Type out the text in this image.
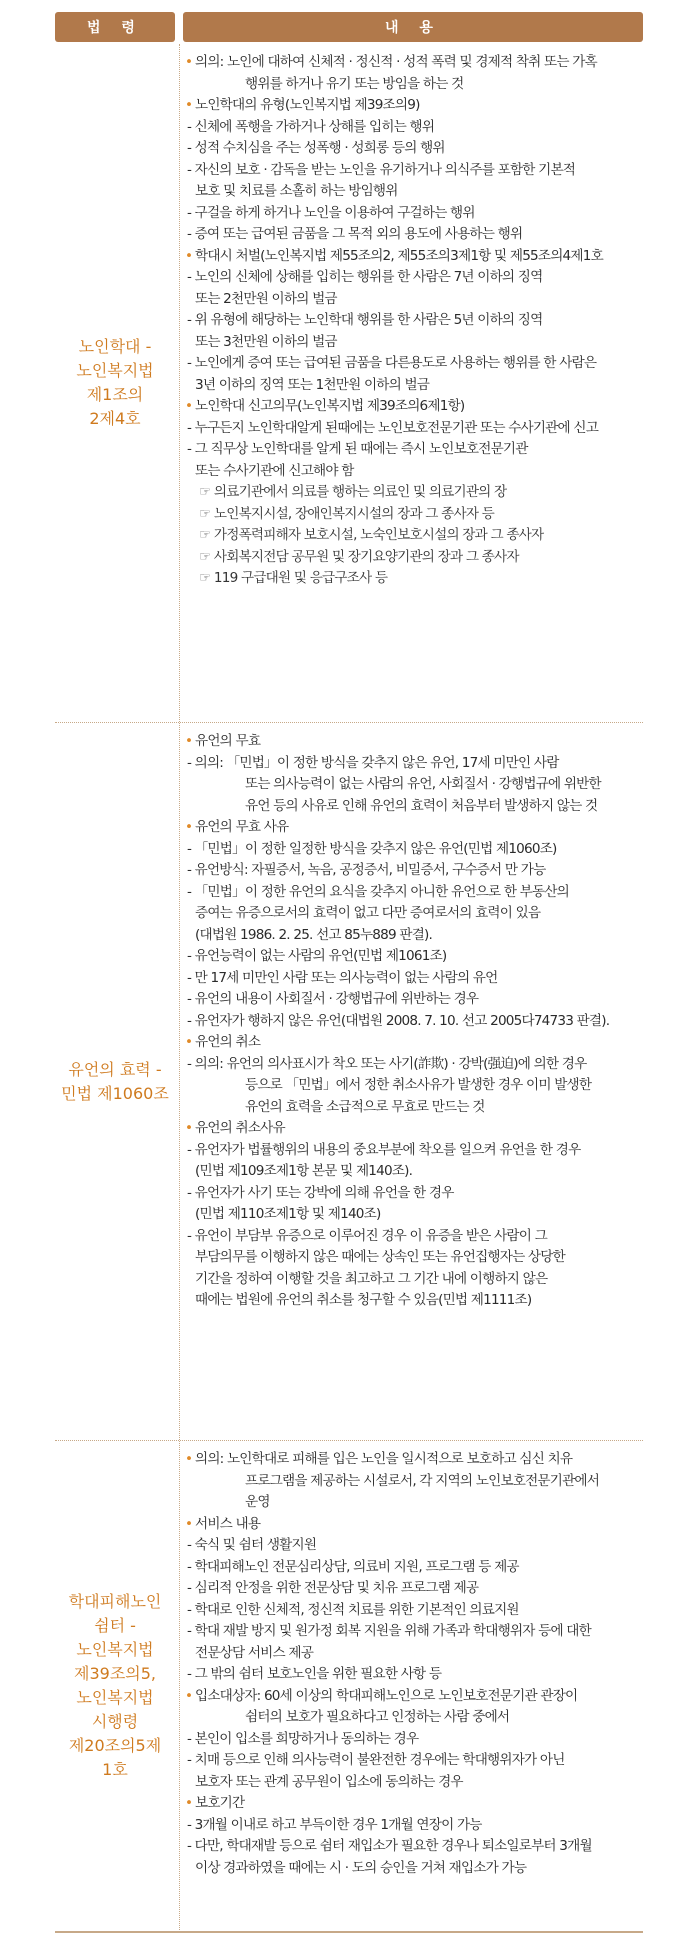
법 령	내 용
노인학대 -
노인복지법
제1조의
2제4호
• 의의: 노인에 대하여 신체적 · 정신적 · 성적 폭력 및 경제적 착취 또는 가혹
행위를 하거나 유기 또는 방임을 하는 것
• 노인학대의 유형(노인복지법 제39조의9)
- 신체에 폭행을 가하거나 상해를 입히는 행위
- 성적 수치심을 주는 성폭행 · 성희롱 등의 행위
- 자신의 보호 · 감독을 받는 노인을 유기하거나 의식주를 포함한 기본적
보호 및 치료를 소홀히 하는 방임행위
- 구걸을 하게 하거나 노인을 이용하여 구걸하는 행위
- 증여 또는 급여된 금품을 그 목적 외의 용도에 사용하는 행위
• 학대시 처벌(노인복지법 제55조의2, 제55조의3제1항 및 제55조의4제1호
- 노인의 신체에 상해를 입히는 행위를 한 사람은 7년 이하의 징역
또는 2천만원 이하의 벌금
- 위 유형에 해당하는 노인학대 행위를 한 사람은 5년 이하의 징역
또는 3천만원 이하의 벌금
- 노인에게 증여 또는 급여된 금품을 다른용도로 사용하는 행위를 한 사람은
3년 이하의 징역 또는 1천만원 이하의 벌금
• 노인학대 신고의무(노인복지법 제39조의6제1항)
- 누구든지 노인학대알게 된때에는 노인보호전문기관 또는 수사기관에 신고
- 그 직무상 노인학대를 알게 된 때에는 즉시 노인보호전문기관
또는 수사기관에 신고해야 함
☞ 의료기관에서 의료를 행하는 의료인 및 의료기관의 장
☞ 노인복지시설, 장애인복지시설의 장과 그 종사자 등
☞ 가정폭력피해자 보호시설, 노숙인보호시설의 장과 그 종사자
☞ 사회복지전담 공무원 및 장기요양기관의 장과 그 종사자
☞ 119 구급대원 및 응급구조사 등
유언의 효력 -
민법 제1060조
• 유언의 무효
- 의의: 「민법」이 정한 방식을 갖추지 않은 유언, 17세 미만인 사람
또는 의사능력이 없는 사람의 유언, 사회질서 · 강행법규에 위반한
유언 등의 사유로 인해 유언의 효력이 처음부터 발생하지 않는 것
• 유언의 무효 사유
- 「민법」이 정한 일정한 방식을 갖추지 않은 유언(민법 제1060조)
- 유언방식: 자필증서, 녹음, 공정증서, 비밀증서, 구수증서 만 가능
- 「민법」이 정한 유언의 요식을 갖추지 아니한 유언으로 한 부동산의
증여는 유증으로서의 효력이 없고 다만 증여로서의 효력이 있음
(대법원 1986. 2. 25. 선고 85누889 판결).
- 유언능력이 없는 사람의 유언(민법 제1061조)
- 만 17세 미만인 사람 또는 의사능력이 없는 사람의 유언
- 유언의 내용이 사회질서 · 강행법규에 위반하는 경우
- 유언자가 행하지 않은 유언(대법원 2008. 7. 10. 선고 2005다74733 판결).
• 유언의 취소
- 의의: 유언의 의사표시가 착오 또는 사기(詐欺) · 강박(强迫)에 의한 경우
등으로 「민법」에서 정한 취소사유가 발생한 경우 이미 발생한
유언의 효력을 소급적으로 무효로 만드는 것
• 유언의 취소사유
- 유언자가 법률행위의 내용의 중요부분에 착오를 일으켜 유언을 한 경우
(민법 제109조제1항 본문 및 제140조).
- 유언자가 사기 또는 강박에 의해 유언을 한 경우
(민법 제110조제1항 및 제140조)
- 유언이 부담부 유증으로 이루어진 경우 이 유증을 받은 사람이 그
부담의무를 이행하지 않은 때에는 상속인 또는 유언집행자는 상당한
기간을 정하여 이행할 것을 최고하고 그 기간 내에 이행하지 않은
때에는 법원에 유언의 취소를 청구할 수 있음(민법 제1111조)
학대피해노인
쉼터 -
노인복지법
제39조의5,
노인복지법
시행령
제20조의5제
1호
• 의의: 노인학대로 피해를 입은 노인을 일시적으로 보호하고 심신 치유
프로그램을 제공하는 시설로서, 각 지역의 노인보호전문기관에서
운영
• 서비스 내용
- 숙식 및 쉼터 생활지원
- 학대피해노인 전문심리상담, 의료비 지원, 프로그램 등 제공
- 심리적 안정을 위한 전문상담 및 치유 프로그램 제공
- 학대로 인한 신체적, 정신적 치료를 위한 기본적인 의료지원
- 학대 재발 방지 및 원가정 회복 지원을 위해 가족과 학대행위자 등에 대한
전문상담 서비스 제공
- 그 밖의 쉼터 보호노인을 위한 필요한 사항 등
• 입소대상자: 60세 이상의 학대피해노인으로 노인보호전문기관 관장이
쉼터의 보호가 필요하다고 인정하는 사람 중에서
- 본인이 입소를 희망하거나 동의하는 경우
- 치매 등으로 인해 의사능력이 불완전한 경우에는 학대행위자가 아닌
보호자 또는 관계 공무원이 입소에 동의하는 경우
• 보호기간
- 3개월 이내로 하고 부득이한 경우 1개월 연장이 가능
- 다만, 학대재발 등으로 쉼터 재입소가 필요한 경우나 퇴소일로부터 3개월
이상 경과하였을 때에는 시 · 도의 승인을 거쳐 재입소가 가능
